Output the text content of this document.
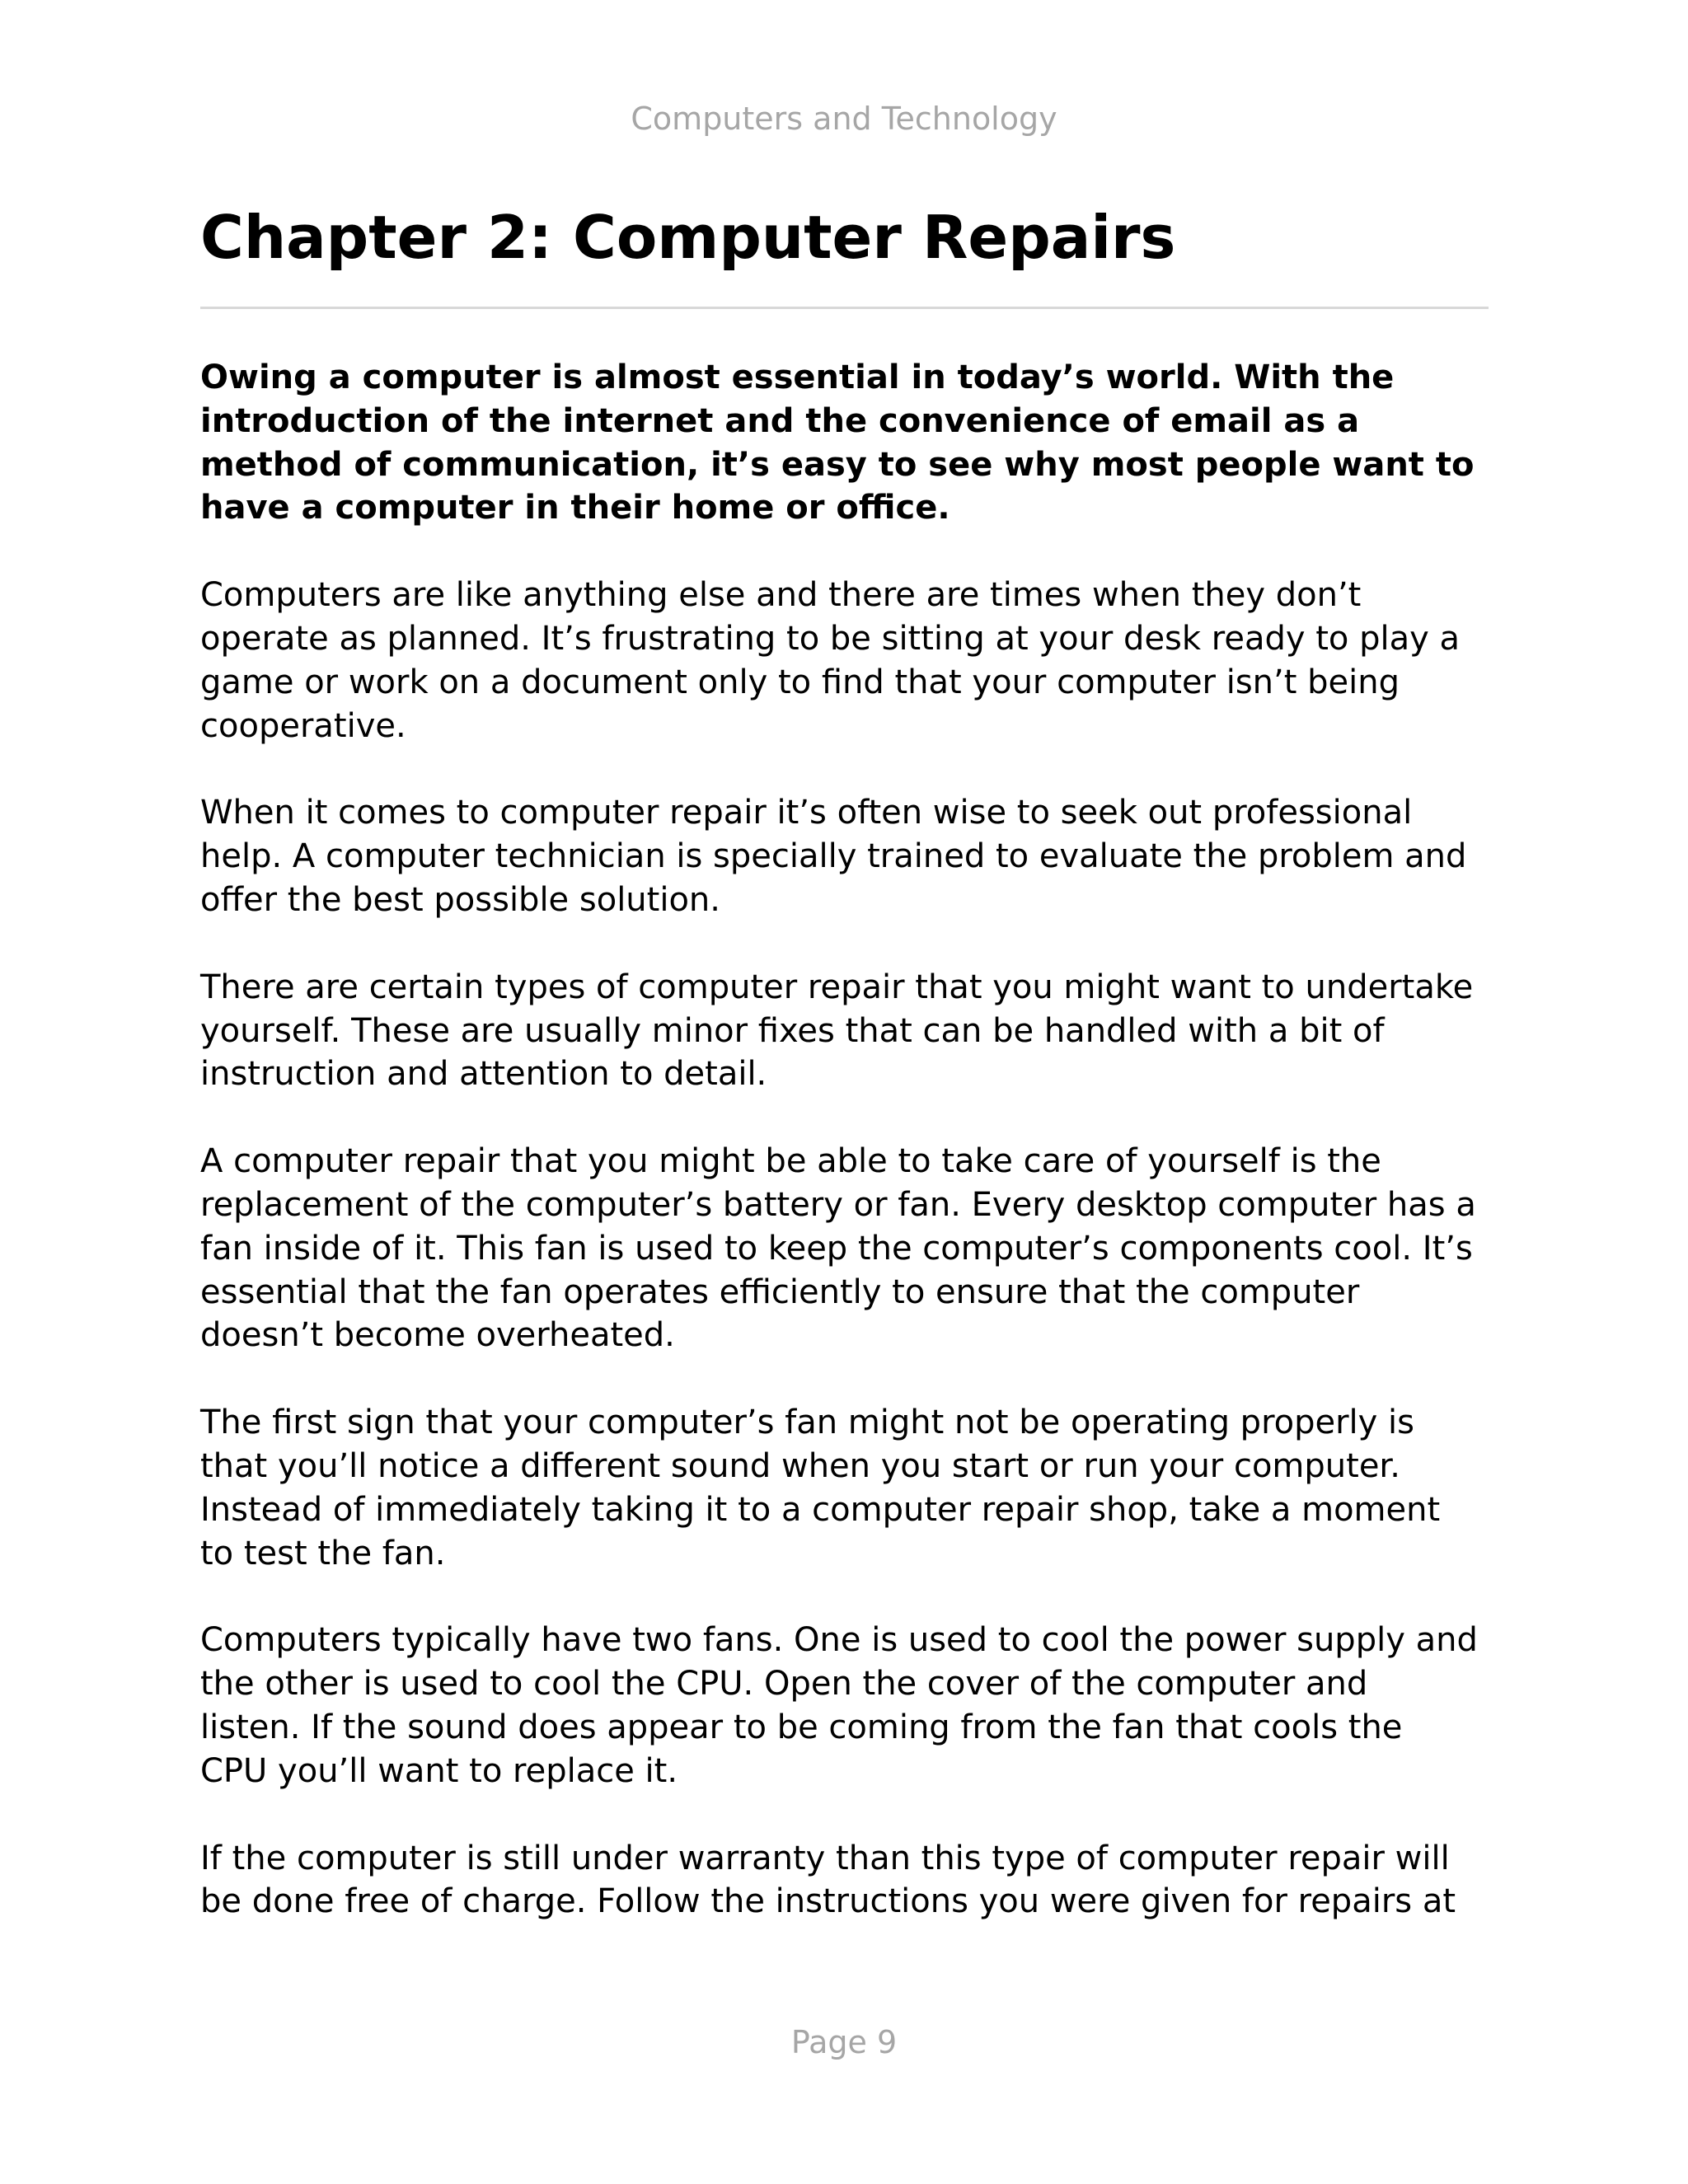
Computers and Technology
Chapter 2: Computer Repairs

Owing a computer is almost essential in today’s world. With the
introduction of the internet and the convenience of email as a
method of communication, it’s easy to see why most people want to
have a computer in their home or office.

Computers are like anything else and there are times when they don’t
operate as planned. It’s frustrating to be sitting at your desk ready to play a
game or work on a document only to find that your computer isn’t being
cooperative.

When it comes to computer repair it’s often wise to seek out professional
help. A computer technician is specially trained to evaluate the problem and
offer the best possible solution.

There are certain types of computer repair that you might want to undertake
yourself. These are usually minor fixes that can be handled with a bit of
instruction and attention to detail.

A computer repair that you might be able to take care of yourself is the
replacement of the computer’s battery or fan. Every desktop computer has a
fan inside of it. This fan is used to keep the computer’s components cool. It’s
essential that the fan operates efficiently to ensure that the computer
doesn’t become overheated.

The first sign that your computer’s fan might not be operating properly is
that you’ll notice a different sound when you start or run your computer.
Instead of immediately taking it to a computer repair shop, take a moment
to test the fan.

Computers typically have two fans. One is used to cool the power supply and
the other is used to cool the CPU. Open the cover of the computer and
listen. If the sound does appear to be coming from the fan that cools the
CPU you’ll want to replace it.

If the computer is still under warranty than this type of computer repair will
be done free of charge. Follow the instructions you were given for repairs at

Page 9
